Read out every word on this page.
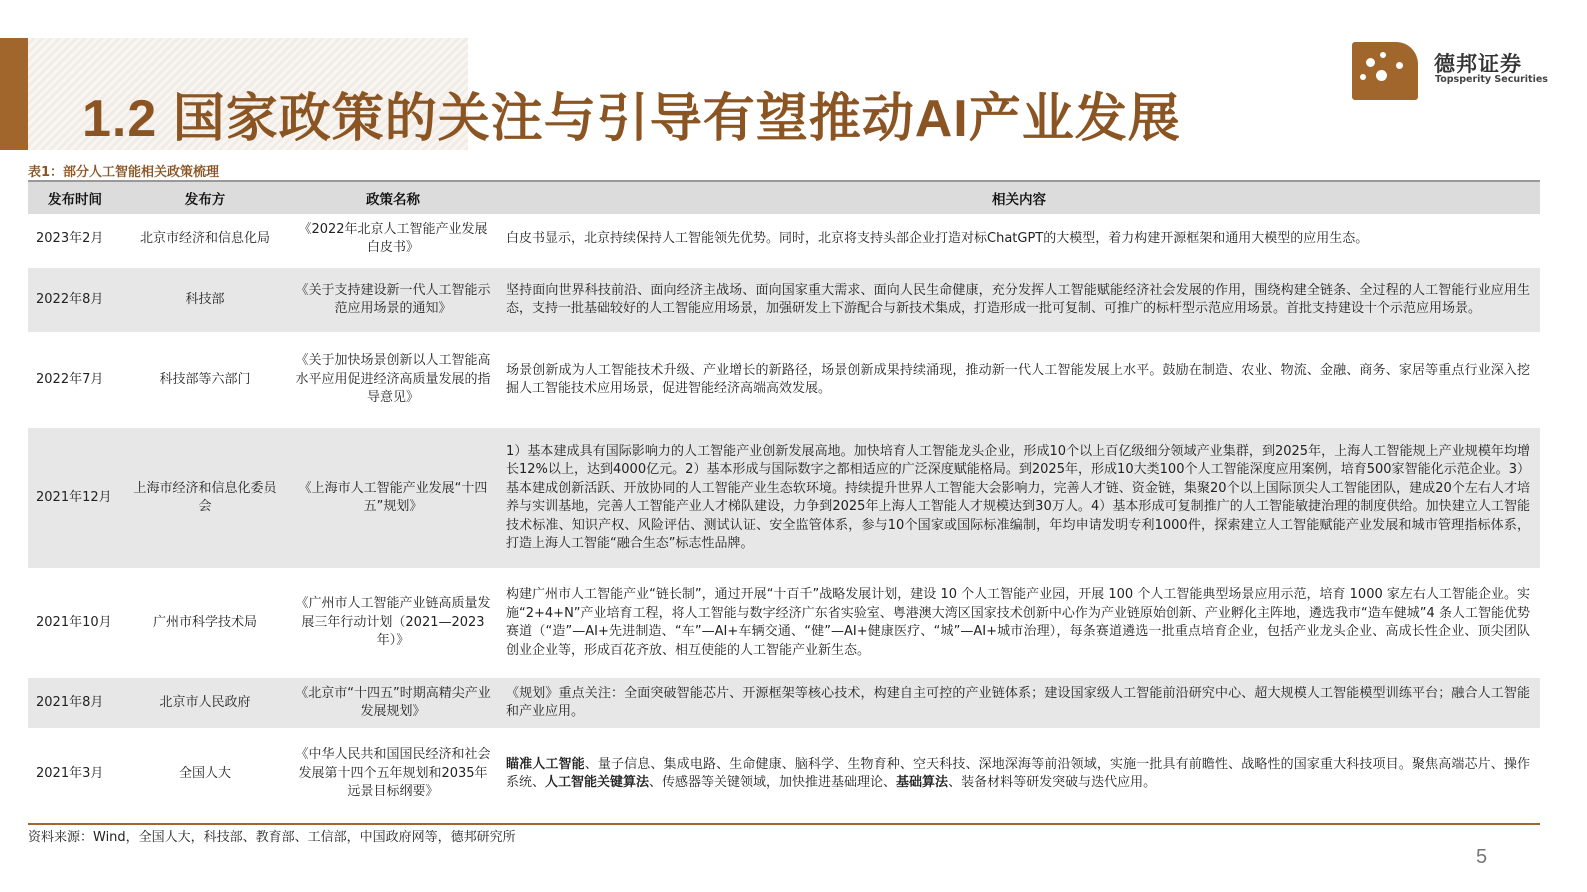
1.2 国家政策的关注与引导有望推动AI产业发展
德邦证券
Topsperity Securities
表1：部分人工智能相关政策梳理
发布时间	发布方	政策名称	相关内容
2023年2月	北京市经济和信息化局	《2022年北京人工智能产业发展白皮书》	白皮书显示，北京持续保持人工智能领先优势。同时，北京将支持头部企业打造对标ChatGPT的大模型，着力构建开源框架和通用大模型的应用生态。
2022年8月	科技部	《关于支持建设新一代人工智能示范应用场景的通知》	坚持面向世界科技前沿、面向经济主战场、面向国家重大需求、面向人民生命健康，充分发挥人工智能赋能经济社会发展的作用，围绕构建全链条、全过程的人工智能行业应用生态，支持一批基础较好的人工智能应用场景，加强研发上下游配合与新技术集成，打造形成一批可复制、可推广的标杆型示范应用场景。首批支持建设十个示范应用场景。
2022年7月	科技部等六部门	《关于加快场景创新以人工智能高水平应用促进经济高质量发展的指导意见》	场景创新成为人工智能技术升级、产业增长的新路径，场景创新成果持续涌现，推动新一代人工智能发展上水平。鼓励在制造、农业、物流、金融、商务、家居等重点行业深入挖掘人工智能技术应用场景，促进智能经济高端高效发展。
2021年12月	上海市经济和信息化委员会	《上海市人工智能产业发展“十四五”规划》	1）基本建成具有国际影响力的人工智能产业创新发展高地。加快培育人工智能龙头企业，形成10个以上百亿级细分领域产业集群，到2025年，上海人工智能规上产业规模年均增长12%以上，达到4000亿元。2）基本形成与国际数字之都相适应的广泛深度赋能格局。到2025年，形成10大类100个人工智能深度应用案例，培育500家智能化示范企业。3）基本建成创新活跃、开放协同的人工智能产业生态软环境。持续提升世界人工智能大会影响力，完善人才链、资金链，集聚20个以上国际顶尖人工智能团队，建成20个左右人才培养与实训基地，完善人工智能产业人才梯队建设，力争到2025年上海人工智能人才规模达到30万人。4）基本形成可复制推广的人工智能敏捷治理的制度供给。加快建立人工智能技术标准、知识产权、风险评估、测试认证、安全监管体系，参与10个国家或国际标准编制，年均申请发明专利1000件，探索建立人工智能赋能产业发展和城市管理指标体系，打造上海人工智能“融合生态”标志性品牌。
2021年10月	广州市科学技术局	《广州市人工智能产业链高质量发展三年行动计划（2021—2023年）》	构建广州市人工智能产业“链长制”，通过开展“十百千”战略发展计划，建设 10 个人工智能产业园，开展 100 个人工智能典型场景应用示范，培育 1000 家左右人工智能企业。实施“2+4+N”产业培育工程，将人工智能与数字经济广东省实验室、粤港澳大湾区国家技术创新中心作为产业链原始创新、产业孵化主阵地，遴选我市“造车健城”4 条人工智能优势赛道（“造”—AI+先进制造、“车”—AI+车辆交通、“健”—AI+健康医疗、“城”—AI+城市治理），每条赛道遴选一批重点培育企业，包括产业龙头企业、高成长性企业、顶尖团队创业企业等，形成百花齐放、相互使能的人工智能产业新生态。
2021年8月	北京市人民政府	《北京市“十四五”时期高精尖产业发展规划》	《规划》重点关注：全面突破智能芯片、开源框架等核心技术，构建自主可控的产业链体系；建设国家级人工智能前沿研究中心、超大规模人工智能模型训练平台；融合人工智能和产业应用。
2021年3月	全国人大	《中华人民共和国国民经济和社会发展第十四个五年规划和2035年远景目标纲要》	瞄准人工智能、量子信息、集成电路、生命健康、脑科学、生物育种、空天科技、深地深海等前沿领域，实施一批具有前瞻性、战略性的国家重大科技项目。聚焦高端芯片、操作系统、人工智能关键算法、传感器等关键领域，加快推进基础理论、基础算法、装备材料等研发突破与迭代应用。
资料来源：Wind，全国人大，科技部、教育部、工信部，中国政府网等，德邦研究所
5
